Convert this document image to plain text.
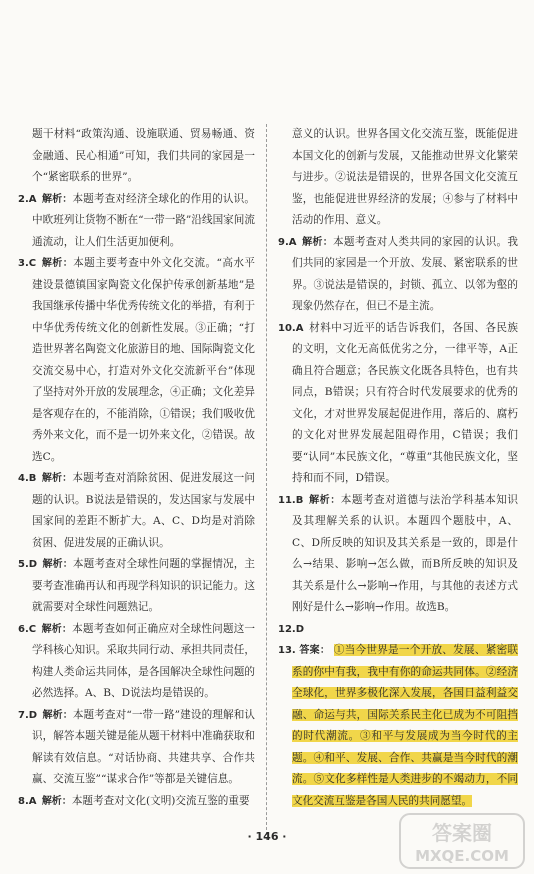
题干材料“政策沟通、设施联通、贸易畅通、资金融通、民心相通”可知，我们共同的家园是一个“紧密联系的世界”。
2.A  解析：本题考查对经济全球化的作用的认识。中欧班列让货物不断在“一带一路”沿线国家间流通流动，让人们生活更加便利。
3.C  解析：本题主要考查中外文化交流。“高水平建设景德镇国家陶瓷文化保护传承创新基地”是我国继承传播中华优秀传统文化的举措，有利于中华优秀传统文化的创新性发展。③正确；“打造世界著名陶瓷文化旅游目的地、国际陶瓷文化交流交易中心，打造对外文化交流新平台”体现了坚持对外开放的发展理念，④正确；文化差异是客观存在的，不能消除，①错误；我们吸收优秀外来文化，而不是一切外来文化，②错误。故选C。
4.B  解析：本题考查对消除贫困、促进发展这一问题的认识。B说法是错误的，发达国家与发展中国家间的差距不断扩大。A、C、D均是对消除贫困、促进发展的正确认识。
5.D  解析：本题考查对全球性问题的掌握情况，主要考查准确再认和再现学科知识的识记能力。这就需要对全球性问题熟记。
6.C  解析：本题考查如何正确应对全球性问题这一学科核心知识。采取共同行动、承担共同责任，构建人类命运共同体，是各国解决全球性问题的必然选择。A、B、D说法均是错误的。
7.D  解析：本题考查对“一带一路”建设的理解和认识，解答本题关键是能从题干材料中准确获取和解读有效信息。“对话协商、共建共享、合作共赢、交流互鉴”“谋求合作”等都是关键信息。
8.A  解析：本题考查对文化(文明)交流互鉴的重要
意义的认识。世界各国文化交流互鉴，既能促进本国文化的创新与发展，又能推动世界文化繁荣与进步。②说法是错误的，世界各国文化交流互鉴，也能促进世界经济的发展；④参与了材料中活动的作用、意义。
9.A  解析：本题考查对人类共同的家园的认识。我们共同的家园是一个开放、发展、紧密联系的世界。③说法是错误的，封锁、孤立、以邻为壑的现象仍然存在，但已不是主流。
10.A  材料中习近平的话告诉我们，各国、各民族的文明，文化无高低优劣之分，一律平等，A正确且符合题意；各民族文化既各具特色，也有共同点，B错误；只有符合时代发展要求的优秀的文化，才对世界发展起促进作用，落后的、腐朽的文化对世界发展起阻碍作用，C错误；我们要“认同”本民族文化，“尊重”其他民族文化，坚持和而不同，D错误。
11.B  解析：本题考查对道德与法治学科基本知识及其理解关系的认识。本题四个题肢中，A、C、D所反映的知识及其关系是一致的，即是什么→结果、影响→怎么做，而B所反映的知识及其关系是什么→影响→作用，与其他的表述方式刚好是什么→影响→作用。故选B。
12.D 
13. 答案： ①当今世界是一个开放、发展、紧密联系的你中有我，我中有你的命运共同体。②经济全球化，世界多极化深入发展，各国日益利益交融、命运与共，国际关系民主化已成为不可阻挡的时代潮流。③和平与发展成为当今时代的主题。④和平、发展、合作、共赢是当今时代的潮流。⑤文化多样性是人类进步的不竭动力，不同文化交流互鉴是各国人民的共同愿望。
· 146 ·	答案圈
MXQE.COM
